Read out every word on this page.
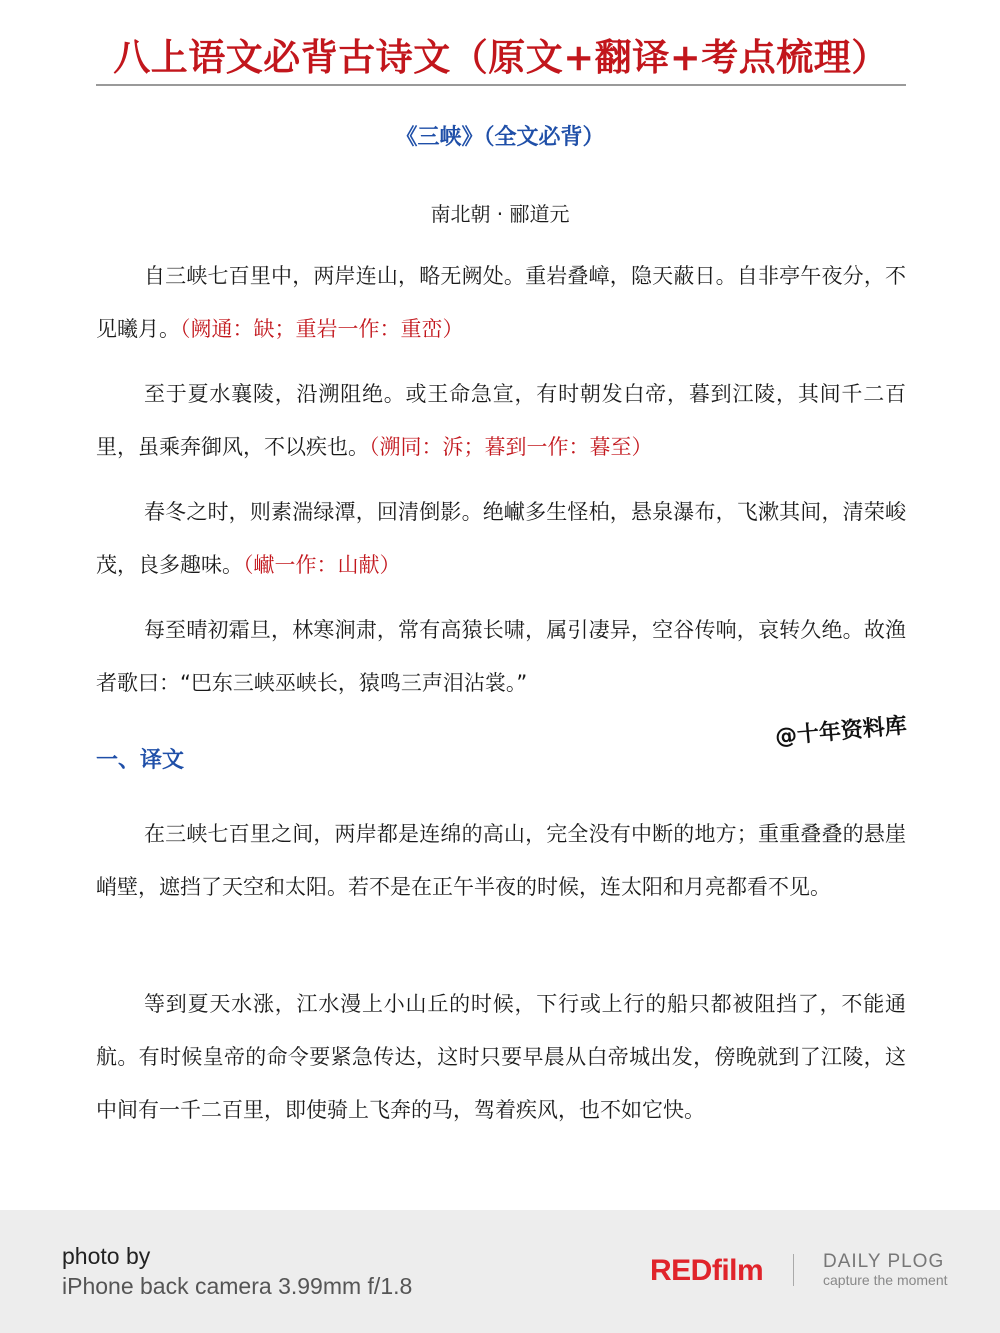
八上语文必背古诗文（原文+翻译+考点梳理）
《三峡》（全文必背）
南北朝 · 郦道元

自三峡七百里中，两岸连山，略无阙处。重岩叠嶂，隐天蔽日。自非亭午夜分，不见曦月。（阙通：缺；重岩一作：重峦）

至于夏水襄陵，沿溯阻绝。或王命急宣，有时朝发白帝，暮到江陵，其间千二百里，虽乘奔御风，不以疾也。（溯同：泝；暮到一作：暮至）

春冬之时，则素湍绿潭，回清倒影。绝𪩘多生怪柏，悬泉瀑布，飞漱其间，清荣峻茂，良多趣味。（𪩘一作：山献）

每至晴初霜旦，林寒涧肃，常有高猿长啸，属引凄异，空谷传响，哀转久绝。故渔者歌曰：“巴东三峡巫峡长，猿鸣三声泪沾裳。”

一、译文
@十年资料库

在三峡七百里之间，两岸都是连绵的高山，完全没有中断的地方；重重叠叠的悬崖峭壁，遮挡了天空和太阳。若不是在正午半夜的时候，连太阳和月亮都看不见。

等到夏天水涨，江水漫上小山丘的时候，下行或上行的船只都被阻挡了，不能通航。有时候皇帝的命令要紧急传达，这时只要早晨从白帝城出发，傍晚就到了江陵，这中间有一千二百里，即使骑上飞奔的马，驾着疾风，也不如它快。

photo by
iPhone back camera 3.99mm f/1.8	REDfilm	DAILY PLOG
capture the moment
